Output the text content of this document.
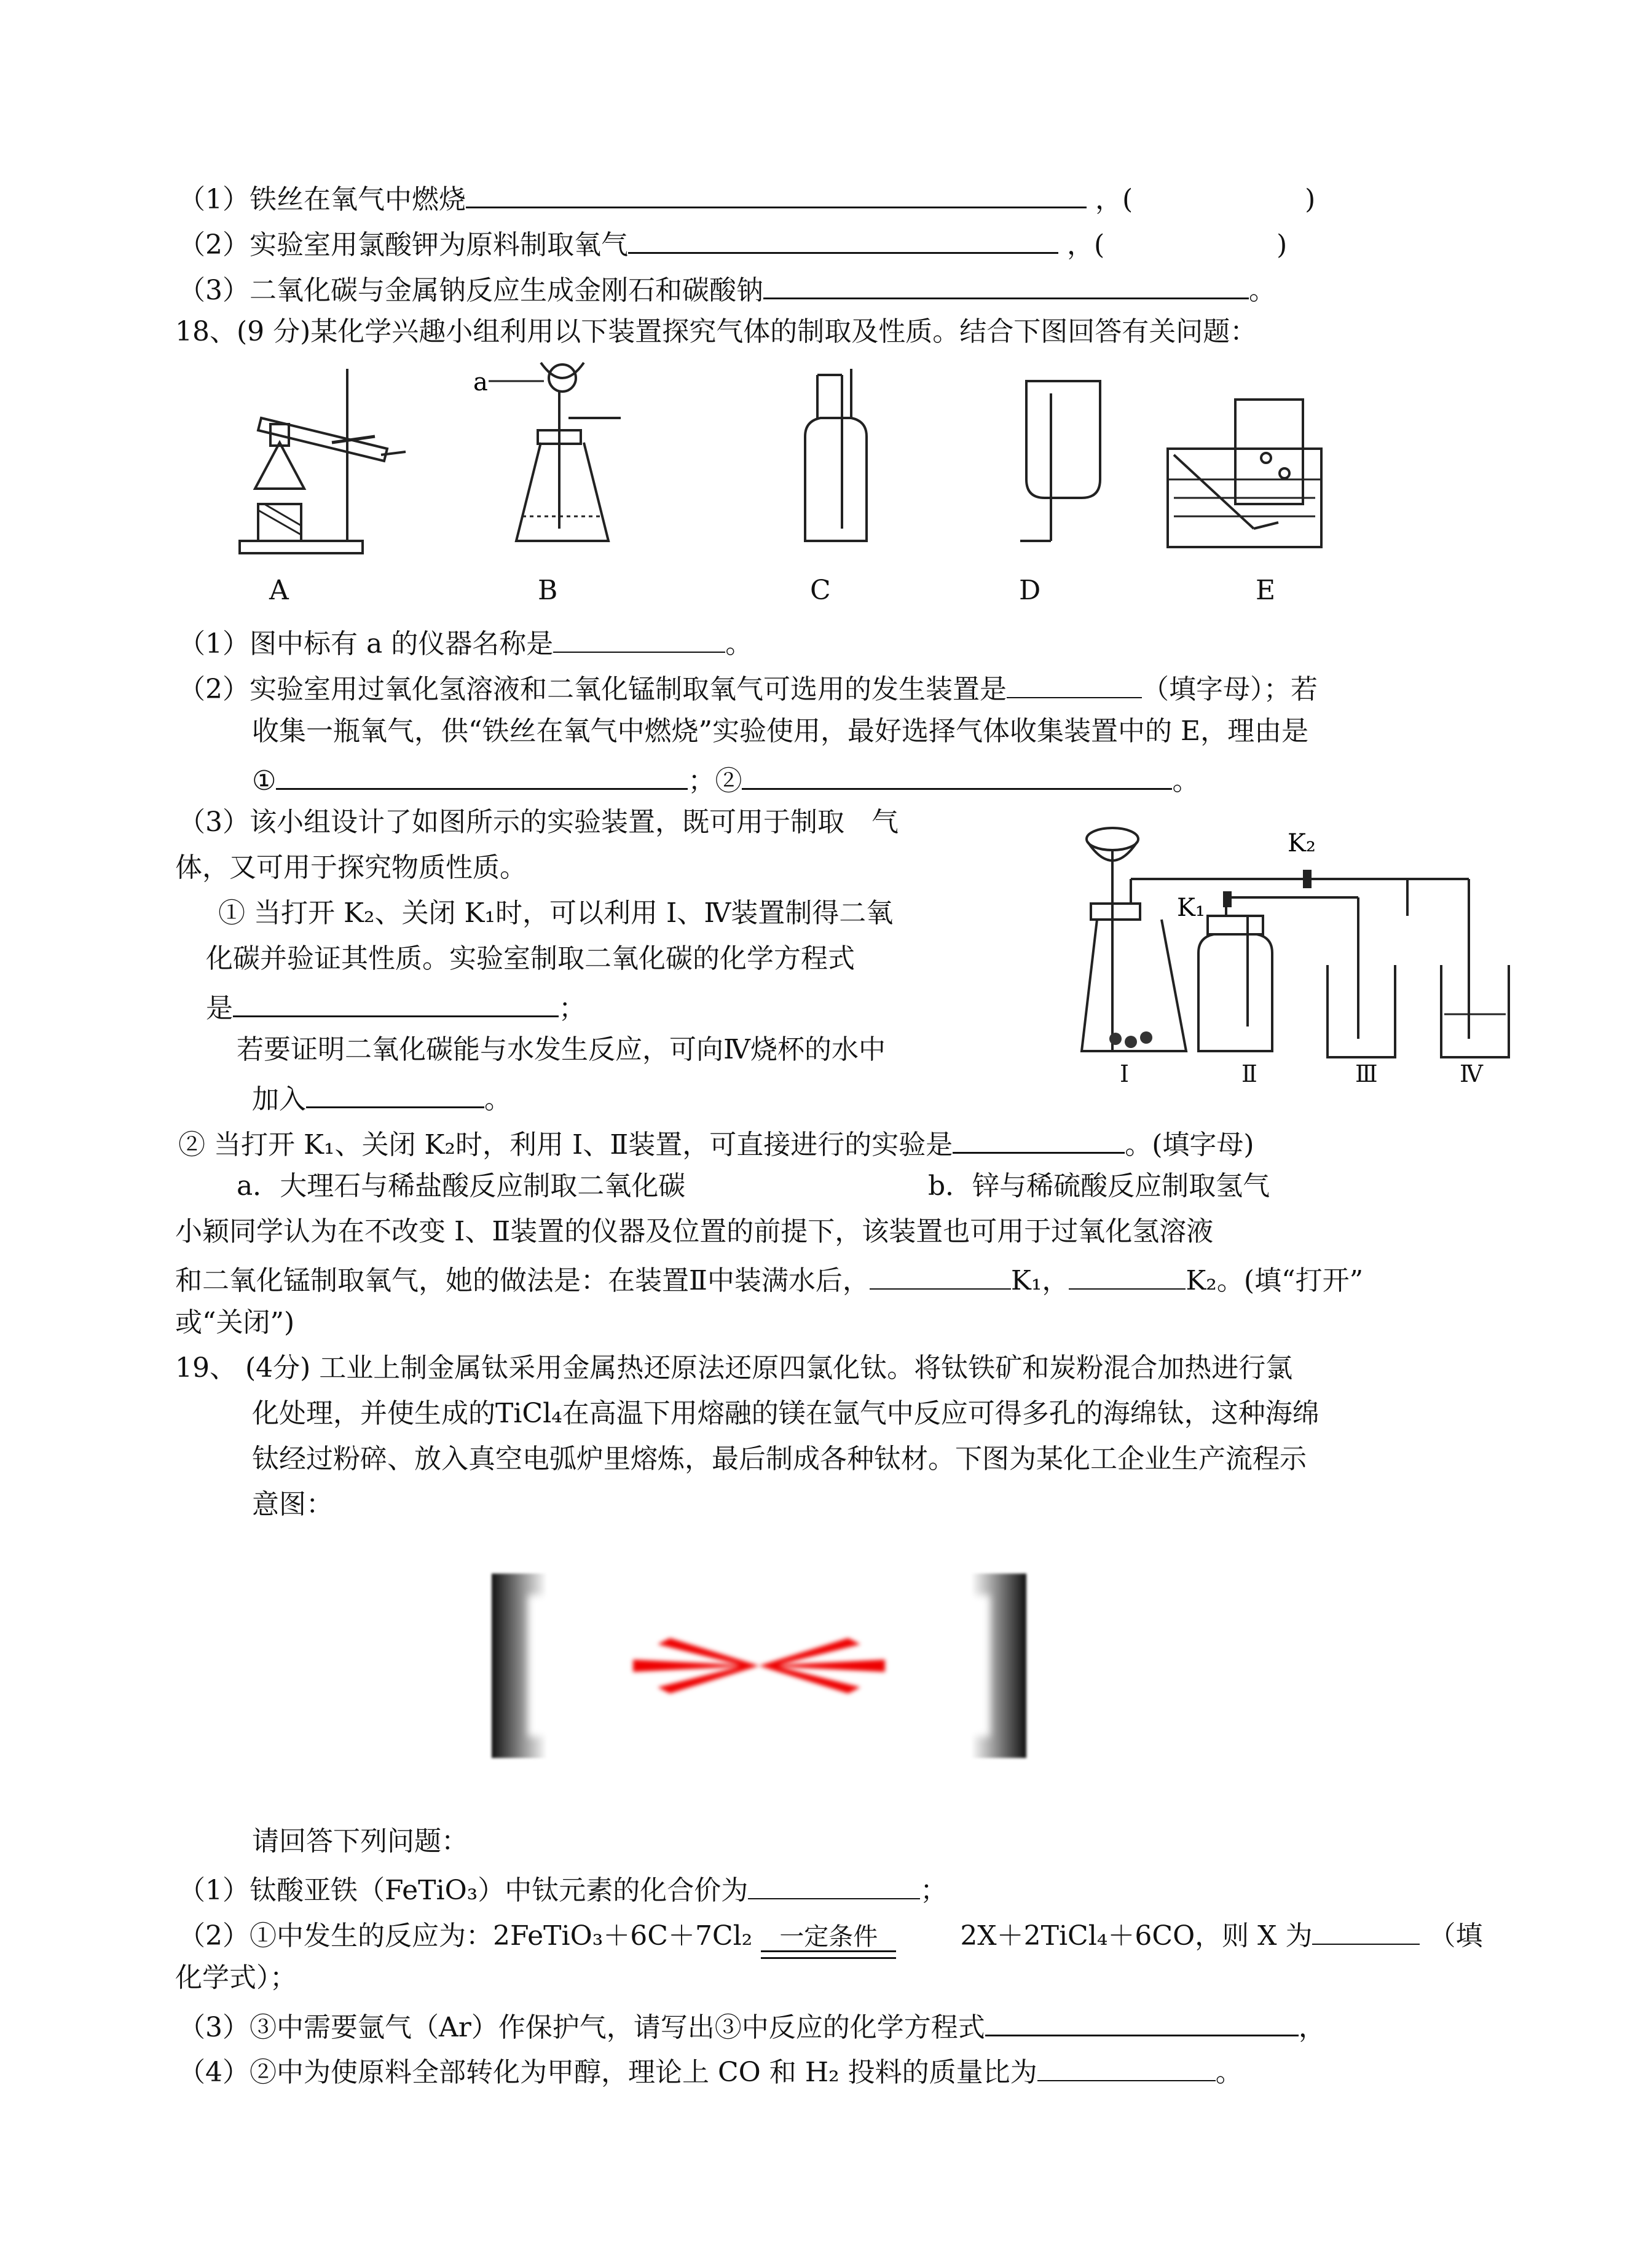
（1）铁丝在氧气中燃烧	，(	)
（2）实验室用氯酸钾为原料制取氧气	，(	)
（3）二氧化碳与金属钠反应生成金刚石和碳酸钠	。
18、(9 分)某化学兴趣小组利用以下装置探究气体的制取及性质。结合下图回答有关问题：
a
A	B	C	D	E
（1）图中标有 a 的仪器名称是	。
（2）实验室用过氧化氢溶液和二氧化锰制取氧气可选用的发生装置是	（填字母）；若
收集一瓶氧气，供“铁丝在氧气中燃烧”实验使用，最好选择气体收集装置中的 E，理由是
①	；②	。
（3）该小组设计了如图所示的实验装置，既可用于制取　气
体，又可用于探究物质性质。
① 当打开 K₂、关闭 K₁时，可以利用 Ⅰ、Ⅳ装置制得二氧
化碳并验证其性质。实验室制取二氧化碳的化学方程式
是	；
若要证明二氧化碳能与水发生反应，可向Ⅳ烧杯的水中
加入	。
K₂
K₁
Ⅰ	Ⅱ	Ⅲ	Ⅳ
② 当打开 K₁、关闭 K₂时，利用 Ⅰ、Ⅱ装置，可直接进行的实验是	。(填字母)
a．大理石与稀盐酸反应制取二氧化碳	b．锌与稀硫酸反应制取氢气
小颖同学认为在不改变 Ⅰ、Ⅱ装置的仪器及位置的前提下，该装置也可用于过氧化氢溶液
和二氧化锰制取氧气，她的做法是：在装置Ⅱ中装满水后，	K₁，	K₂。(填“打开”
或“关闭”)
19、 (4分) 工业上制金属钛采用金属热还原法还原四氯化钛。将钛铁矿和炭粉混合加热进行氯
化处理，并使生成的TiCl₄在高温下用熔融的镁在氩气中反应可得多孔的海绵钛，这种海绵
钛经过粉碎、放入真空电弧炉里熔炼，最后制成各种钛材。下图为某化工企业生产流程示
意图：
请回答下列问题：
（1）钛酸亚铁（FeTiO₃）中钛元素的化合价为	；
（2）①中发生的反应为：2FeTiO₃＋6C＋7Cl₂ 一定条件	2X＋2TiCl₄＋6CO，则 X 为	（填
化学式）；
（3）③中需要氩气（Ar）作保护气，请写出③中反应的化学方程式	，
（4）②中为使原料全部转化为甲醇，理论上 CO 和 H₂ 投料的质量比为	。
